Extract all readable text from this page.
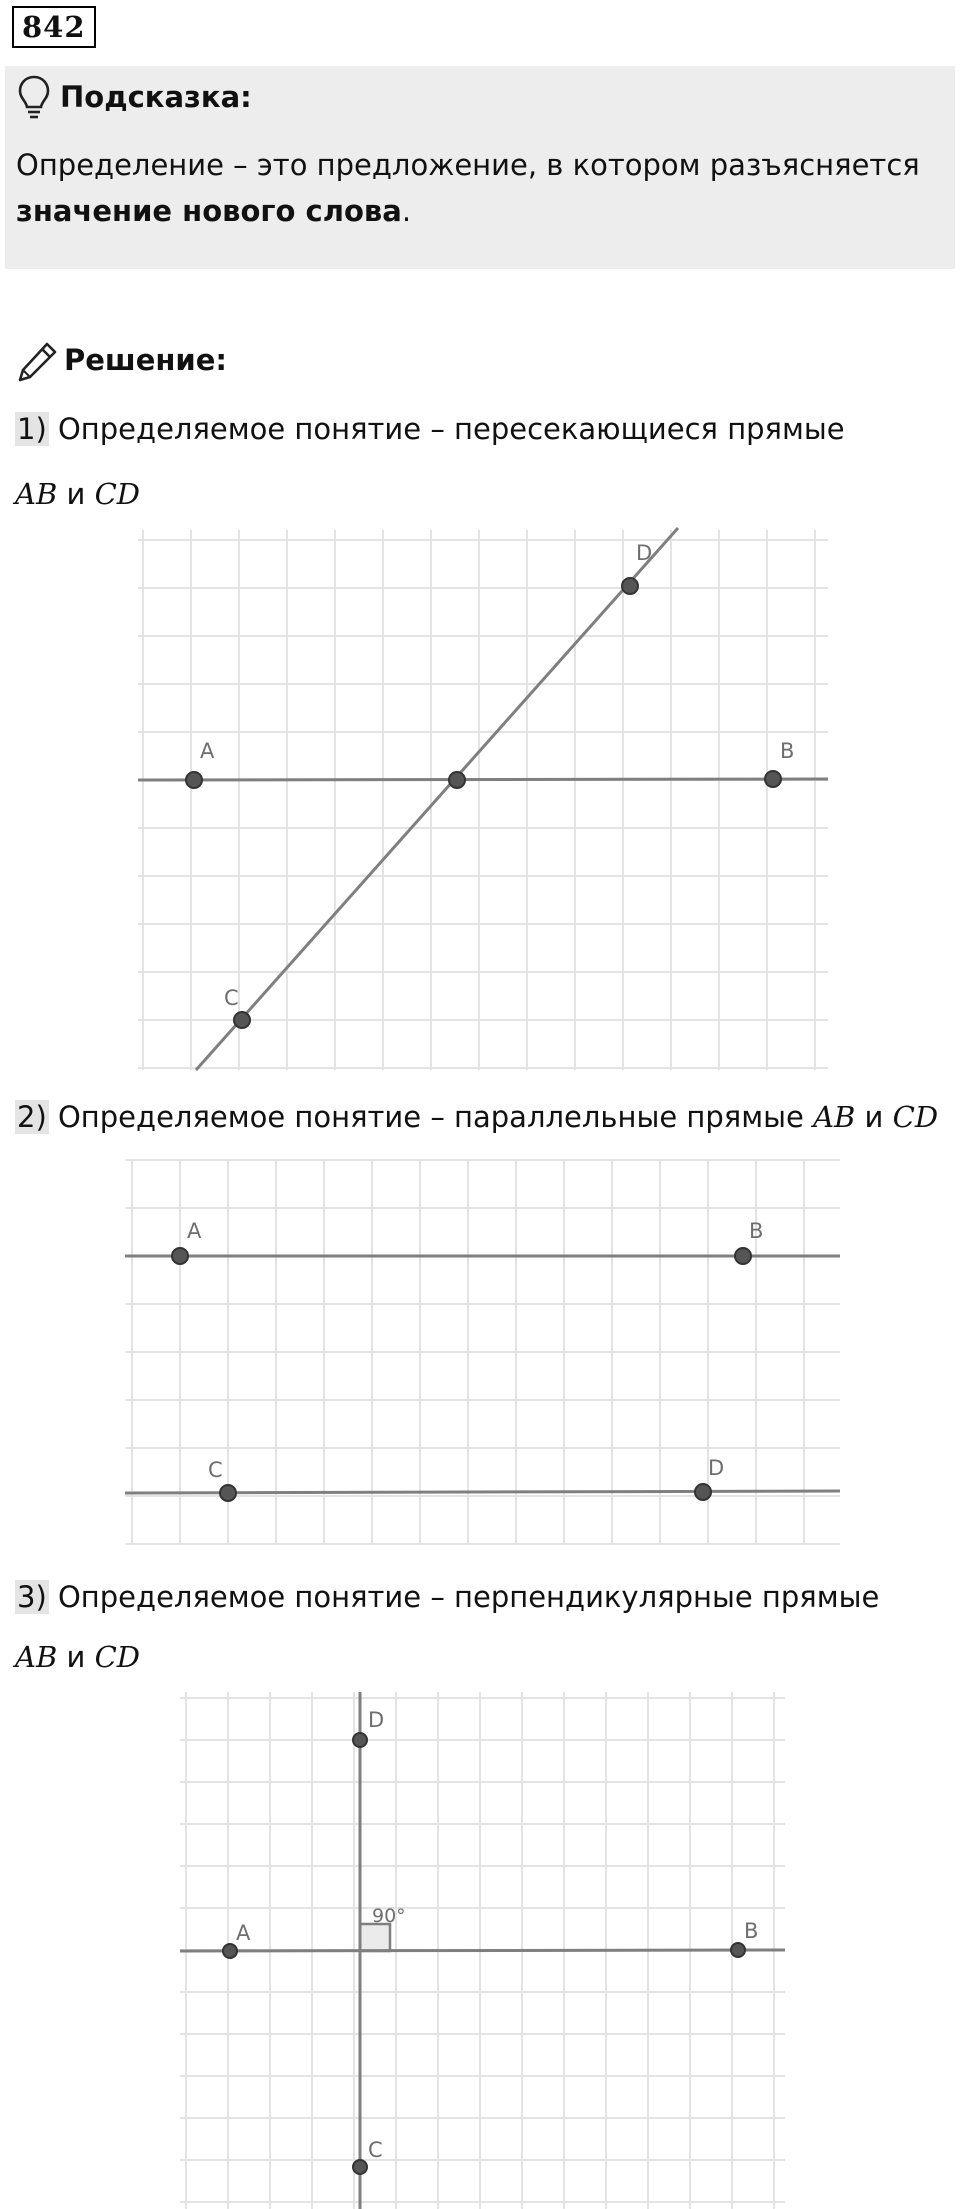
842
Подсказка:
Определение – это предложение, в котором разъясняется
значение нового слова.
Решение:
1) Определяемое понятие – пересекающиеся прямые
AB и CD
A	B
C
D
2) Определяемое понятие – параллельные прямые AB и CD
A	B
C	D
3) Определяемое понятие – перпендикулярные прямые
AB и CD
A	B
C
D
90°
